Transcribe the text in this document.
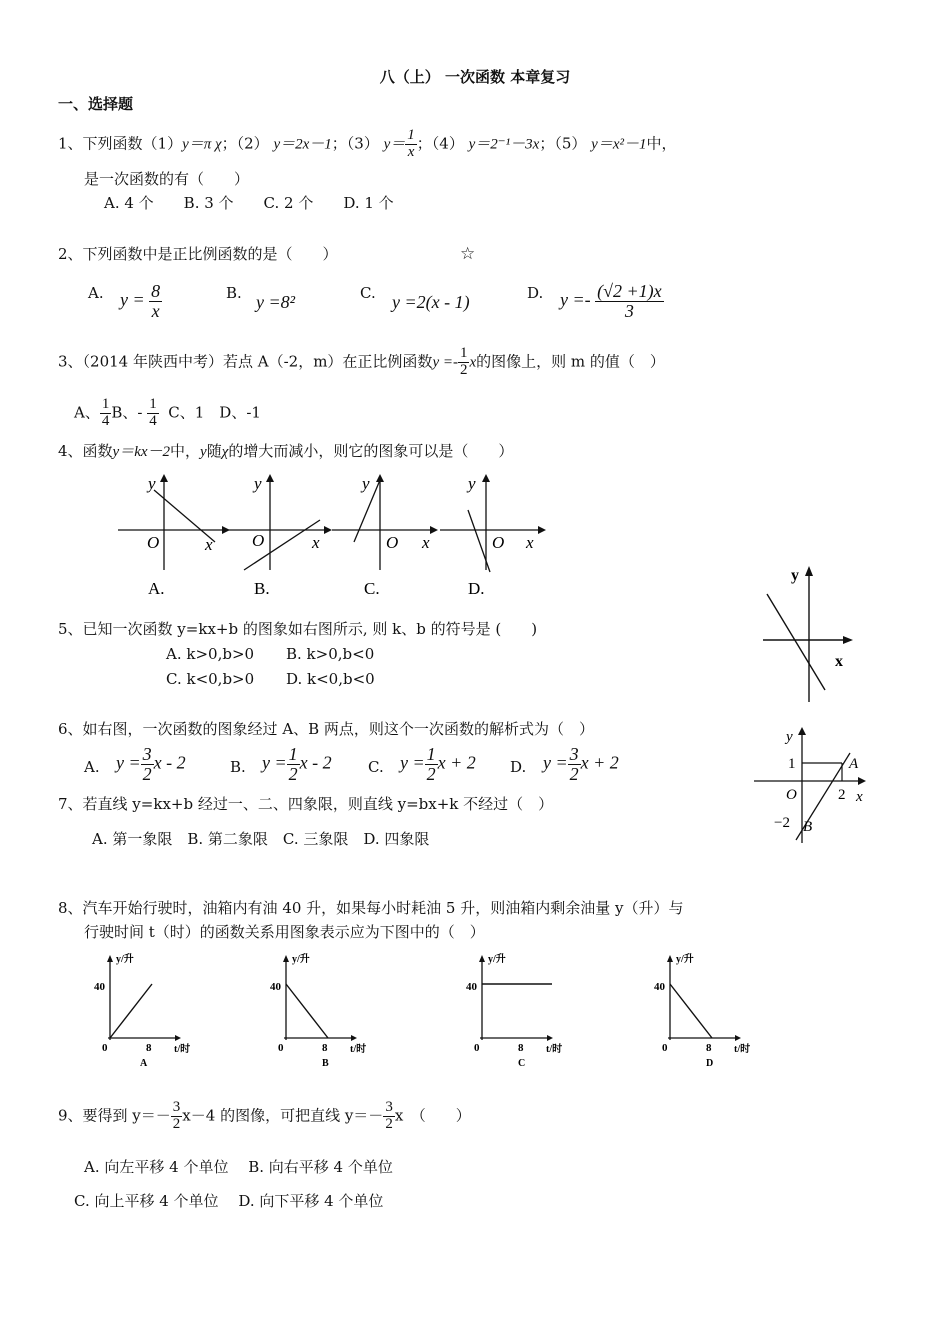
八（上） 一次函数 本章复习
一、选择题
1、下列函数（1）y＝π χ；（2） y＝2x－1；（3） $y= \frac{1}{x}$ ；（4） y＝2⁻¹－3x；（5） y＝x²－1中，
是一次函数的有（　　）
A. 4 个　　B. 3 个　　C. 2 个　　D. 1 个
2、下列函数中是正比例函数的是（　　）	☆
A. $y = \frac{8}{x}$	B. y =8²	C. y =2(x - 1)	D. $y =- \frac{(√2 +1)x}{3}$
3、（2014 年陕西中考）若点 A（-2，m）在正比例函数$y =- \frac{1}{2}$ x的图像上，则 m 的值（　）
A、 $\frac{1}{4}$ B、- $\frac{1}{4}$ C、1　D、-1
4、函数y＝kx－2中，y随χ的增大而减小，则它的图象可以是（　　）
y
O	x
A.
y
O	x
B.
y
O x
C.
y
O x
D.
y
x
5、已知一次函数 y=kx+b 的图象如右图所示, 则 k、b 的符号是 (　　)
A. k>0,b>0 B. k>0,b<0
C. k<0,b>0 D. k<0,b<0
y
1	A
O	2 x
−2 B
6、如右图，一次函数的图象经过 A、B 两点，则这个一次函数的解析式为（　）
A. $y = \frac{3}{2}$ x - 2	B. $y = \frac{1}{2}$ x - 2 C. $y = \frac{1}{2}$ x + 2 D. $y = \frac{3}{2}$ x + 2
7、若直线 y=kx+b 经过一、二、四象限，则直线 y=bx+k 不经过（　）
A. 第一象限　B. 第二象限　C. 三象限　D. 四象限
8、汽车开始行驶时，油箱内有油 40 升，如果每小时耗油 5 升，则油箱内剩余油量 y（升）与
行驶时间 t（时）的函数关系用图象表示应为下图中的（　）
y/升
40
0	8 t/时
A
y/升
40
0	8 t/时
B
y/升
40
0	8 t/时
C
y/升
40
0	8 t/时
D
9、要得到 $y=- \frac{3}{2} x-4$ 的图像，可把直线 $y=- \frac{3}{2}$ x　（　　）
A. 向左平移 4 个单位　 B. 向右平移 4 个单位
C. 向上平移 4 个单位　 D. 向下平移 4 个单位
